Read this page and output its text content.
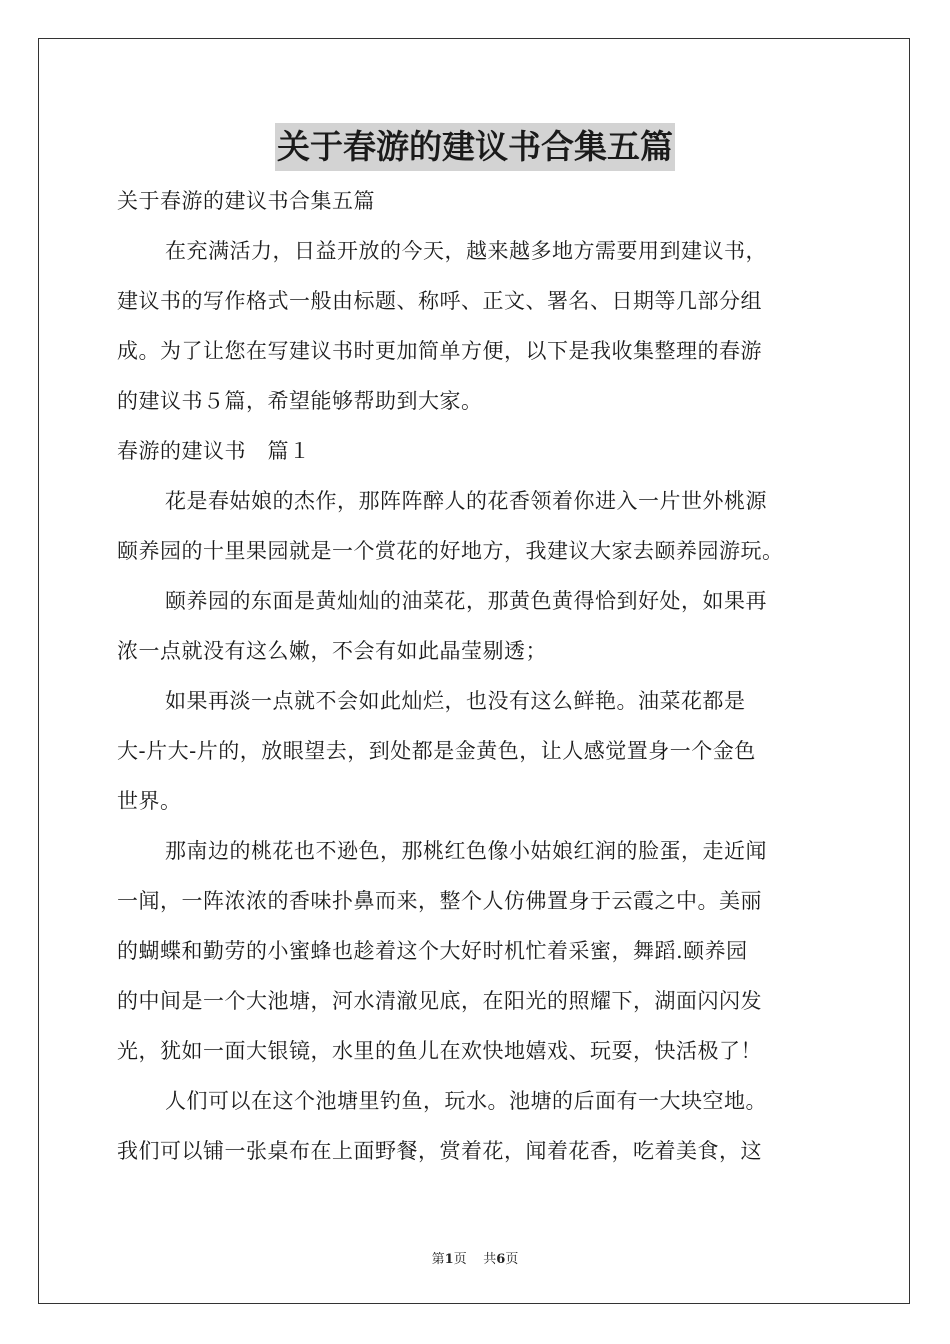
关于春游的建议书合集五篇
关于春游的建议书合集五篇
在充满活力，日益开放的今天，越来越多地方需要用到建议书，
建议书的写作格式一般由标题、称呼、正文、署名、日期等几部分组
成。为了让您在写建议书时更加简单方便，以下是我收集整理的春游
的建议书５篇，希望能够帮助到大家。
春游的建议书　篇１
花是春姑娘的杰作，那阵阵醉人的花香领着你进入一片世外桃源
颐养园的十里果园就是一个赏花的好地方，我建议大家去颐养园游玩。
颐养园的东面是黄灿灿的油菜花，那黄色黄得恰到好处，如果再
浓一点就没有这么嫩，不会有如此晶莹剔透；
如果再淡一点就不会如此灿烂，也没有这么鲜艳。油菜花都是
大-片大-片的，放眼望去，到处都是金黄色，让人感觉置身一个金色
世界。
那南边的桃花也不逊色，那桃红色像小姑娘红润的脸蛋，走近闻
一闻，一阵浓浓的香味扑鼻而来，整个人仿佛置身于云霞之中。美丽
的蝴蝶和勤劳的小蜜蜂也趁着这个大好时机忙着采蜜，舞蹈.颐养园
的中间是一个大池塘，河水清澈见底，在阳光的照耀下，湖面闪闪发
光，犹如一面大银镜，水里的鱼儿在欢快地嬉戏、玩耍，快活极了！
人们可以在这个池塘里钓鱼，玩水。池塘的后面有一大块空地。
我们可以铺一张桌布在上面野餐，赏着花，闻着花香，吃着美食，这
第1页 共6页
